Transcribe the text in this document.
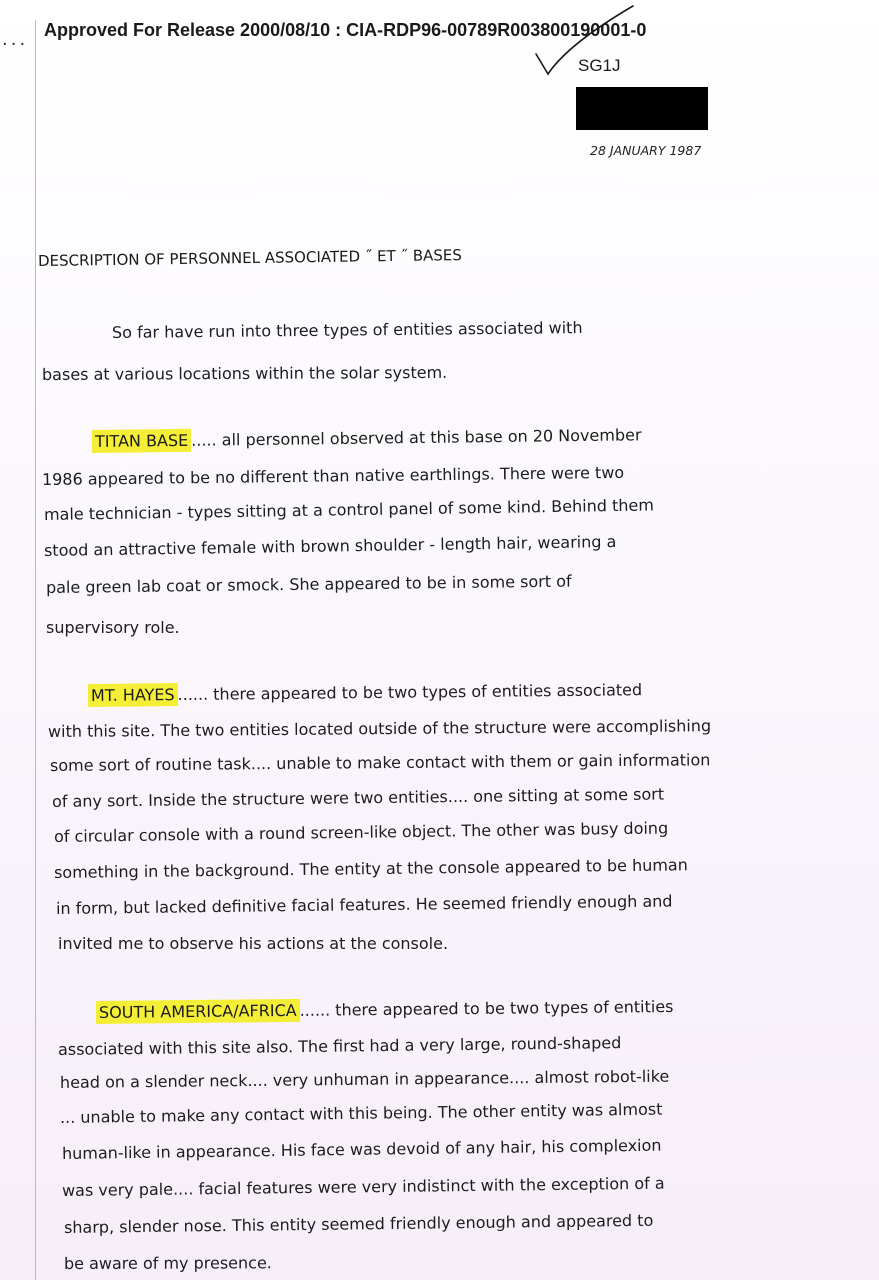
···
Approved For Release 2000/08/10 : CIA-RDP96-00789R003800190001-0
SG1J
28 JANUARY 1987
DESCRIPTION OF PERSONNEL ASSOCIATED ˝ ET ˝ BASES
So far have run into three types of entities associated with
bases at various locations within the solar system.
TITAN BASE ..... all personnel observed at this base on 20 November
1986 appeared to be no different than native earthlings. There were two
male technician - types sitting at a control panel of some kind. Behind them
stood an attractive female with brown shoulder - length hair, wearing a
pale green lab coat or smock. She appeared to be in some sort of
supervisory role.
MT. HAYES ...... there appeared to be two types of entities associated
with this site. The two entities located outside of the structure were accomplishing
some sort of routine task.... unable to make contact with them or gain information
of any sort. Inside the structure were two entities.... one sitting at some sort
of circular console with a round screen-like object. The other was busy doing
something in the background. The entity at the console appeared to be human
in form, but lacked definitive facial features. He seemed friendly enough and
invited me to observe his actions at the console.
SOUTH AMERICA/AFRICA ...... there appeared to be two types of entities
associated with this site also. The first had a very large, round-shaped
head on a slender neck.... very unhuman in appearance.... almost robot-like
... unable to make any contact with this being. The other entity was almost
human-like in appearance. His face was devoid of any hair, his complexion
was very pale.... facial features were very indistinct with the exception of a
sharp, slender nose. This entity seemed friendly enough and appeared to
be aware of my presence.
